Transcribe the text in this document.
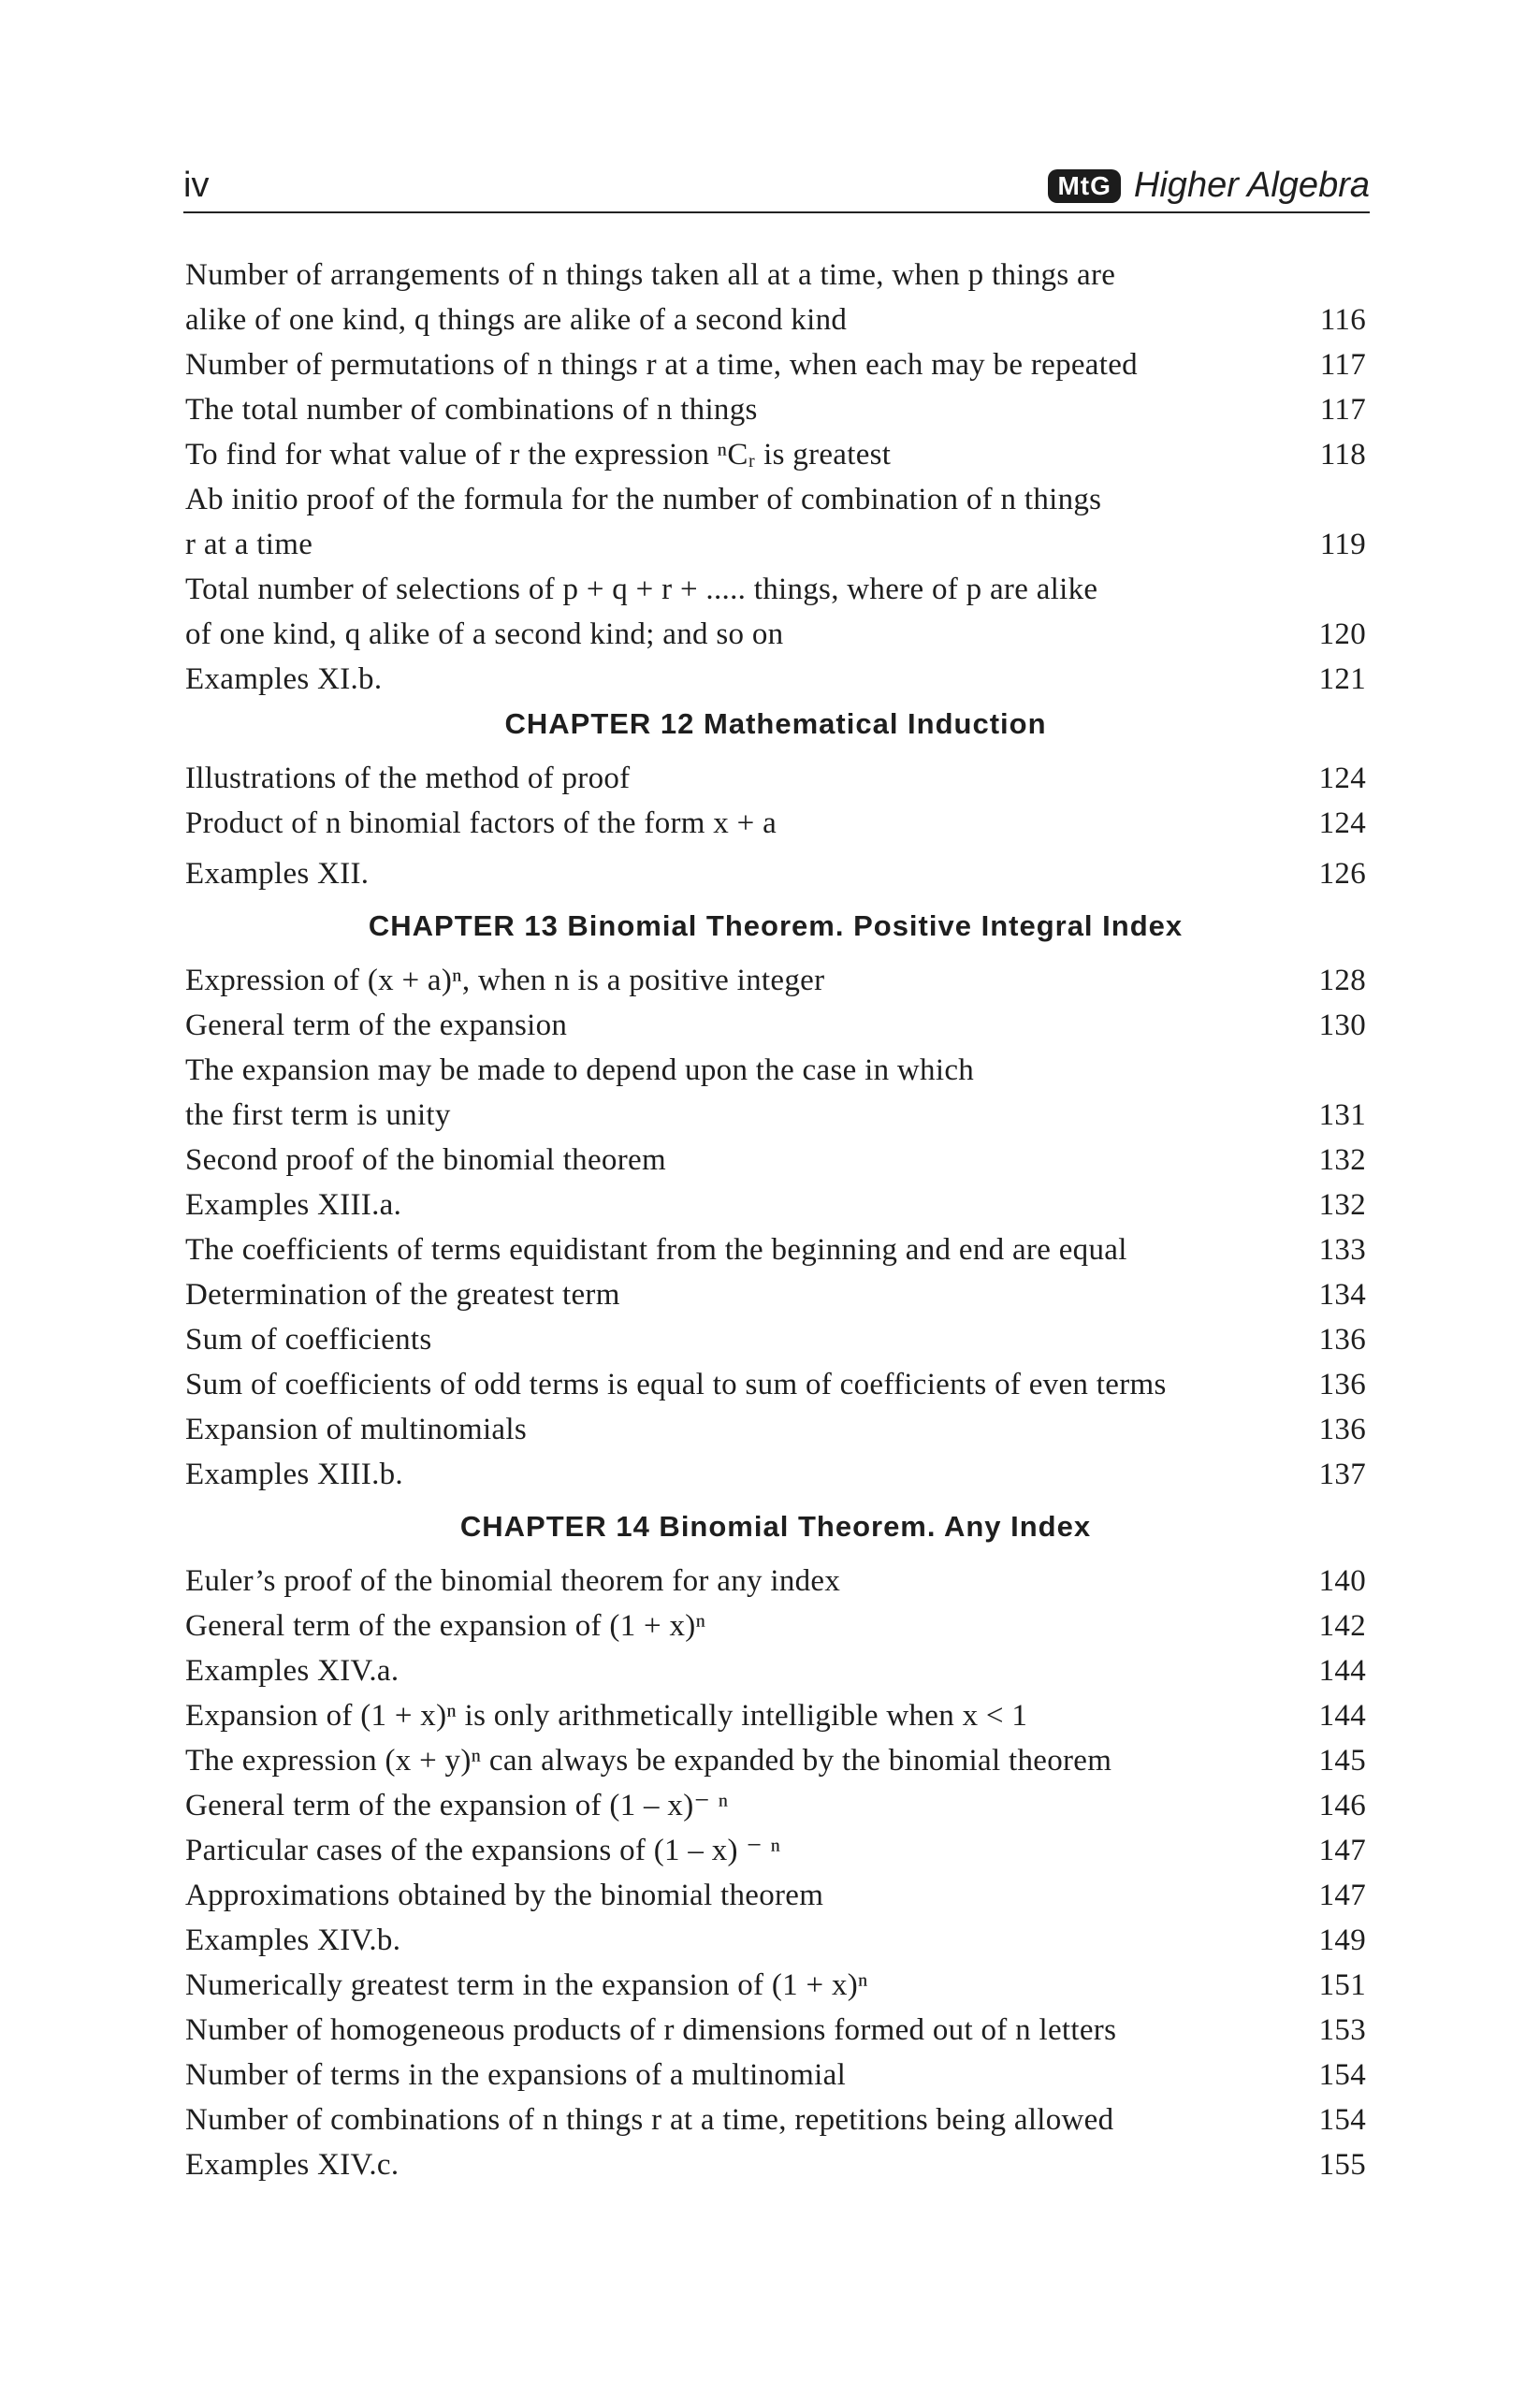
iv	MtG Higher Algebra
Number of arrangements of n things taken all at a time, when p things are
alike of one kind, q things are alike of a second kind	116
Number of permutations of n things r at a time, when each may be repeated	117
The total number of combinations of n things	117
To find for what value of r the expression ⁿCᵣ is greatest	118
Ab initio proof of the formula for the number of combination of n things
r at a time	119
Total number of selections of p + q + r + ..... things, where of p are alike
of one kind, q alike of a second kind; and so on	120
Examples XI.b.	121
CHAPTER 12 Mathematical Induction
Illustrations of the method of proof	124
Product of n binomial factors of the form x + a	124
Examples XII.	126
CHAPTER 13 Binomial Theorem. Positive Integral Index
Expression of (x + a)ⁿ, when n is a positive integer	128
General term of the expansion	130
The expansion may be made to depend upon the case in which
the first term is unity	131
Second proof of the binomial theorem	132
Examples XIII.a.	132
The coefficients of terms equidistant from the beginning and end are equal	133
Determination of the greatest term	134
Sum of coefficients	136
Sum of coefficients of odd terms is equal to sum of coefficients of even terms	136
Expansion of multinomials	136
Examples XIII.b.	137
CHAPTER 14 Binomial Theorem. Any Index
Euler’s proof of the binomial theorem for any index	140
General term of the expansion of (1 + x)ⁿ	142
Examples XIV.a.	144
Expansion of (1 + x)ⁿ is only arithmetically intelligible when x < 1	144
The expression (x + y)ⁿ can always be expanded by the binomial theorem	145
General term of the expansion of (1 – x)⁻ ⁿ	146
Particular cases of the expansions of (1 – x) ⁻ ⁿ	147
Approximations obtained by the binomial theorem	147
Examples XIV.b.	149
Numerically greatest term in the expansion of (1 + x)ⁿ	151
Number of homogeneous products of r dimensions formed out of n letters	153
Number of terms in the expansions of a multinomial	154
Number of combinations of n things r at a time, repetitions being allowed	154
Examples XIV.c.	155
